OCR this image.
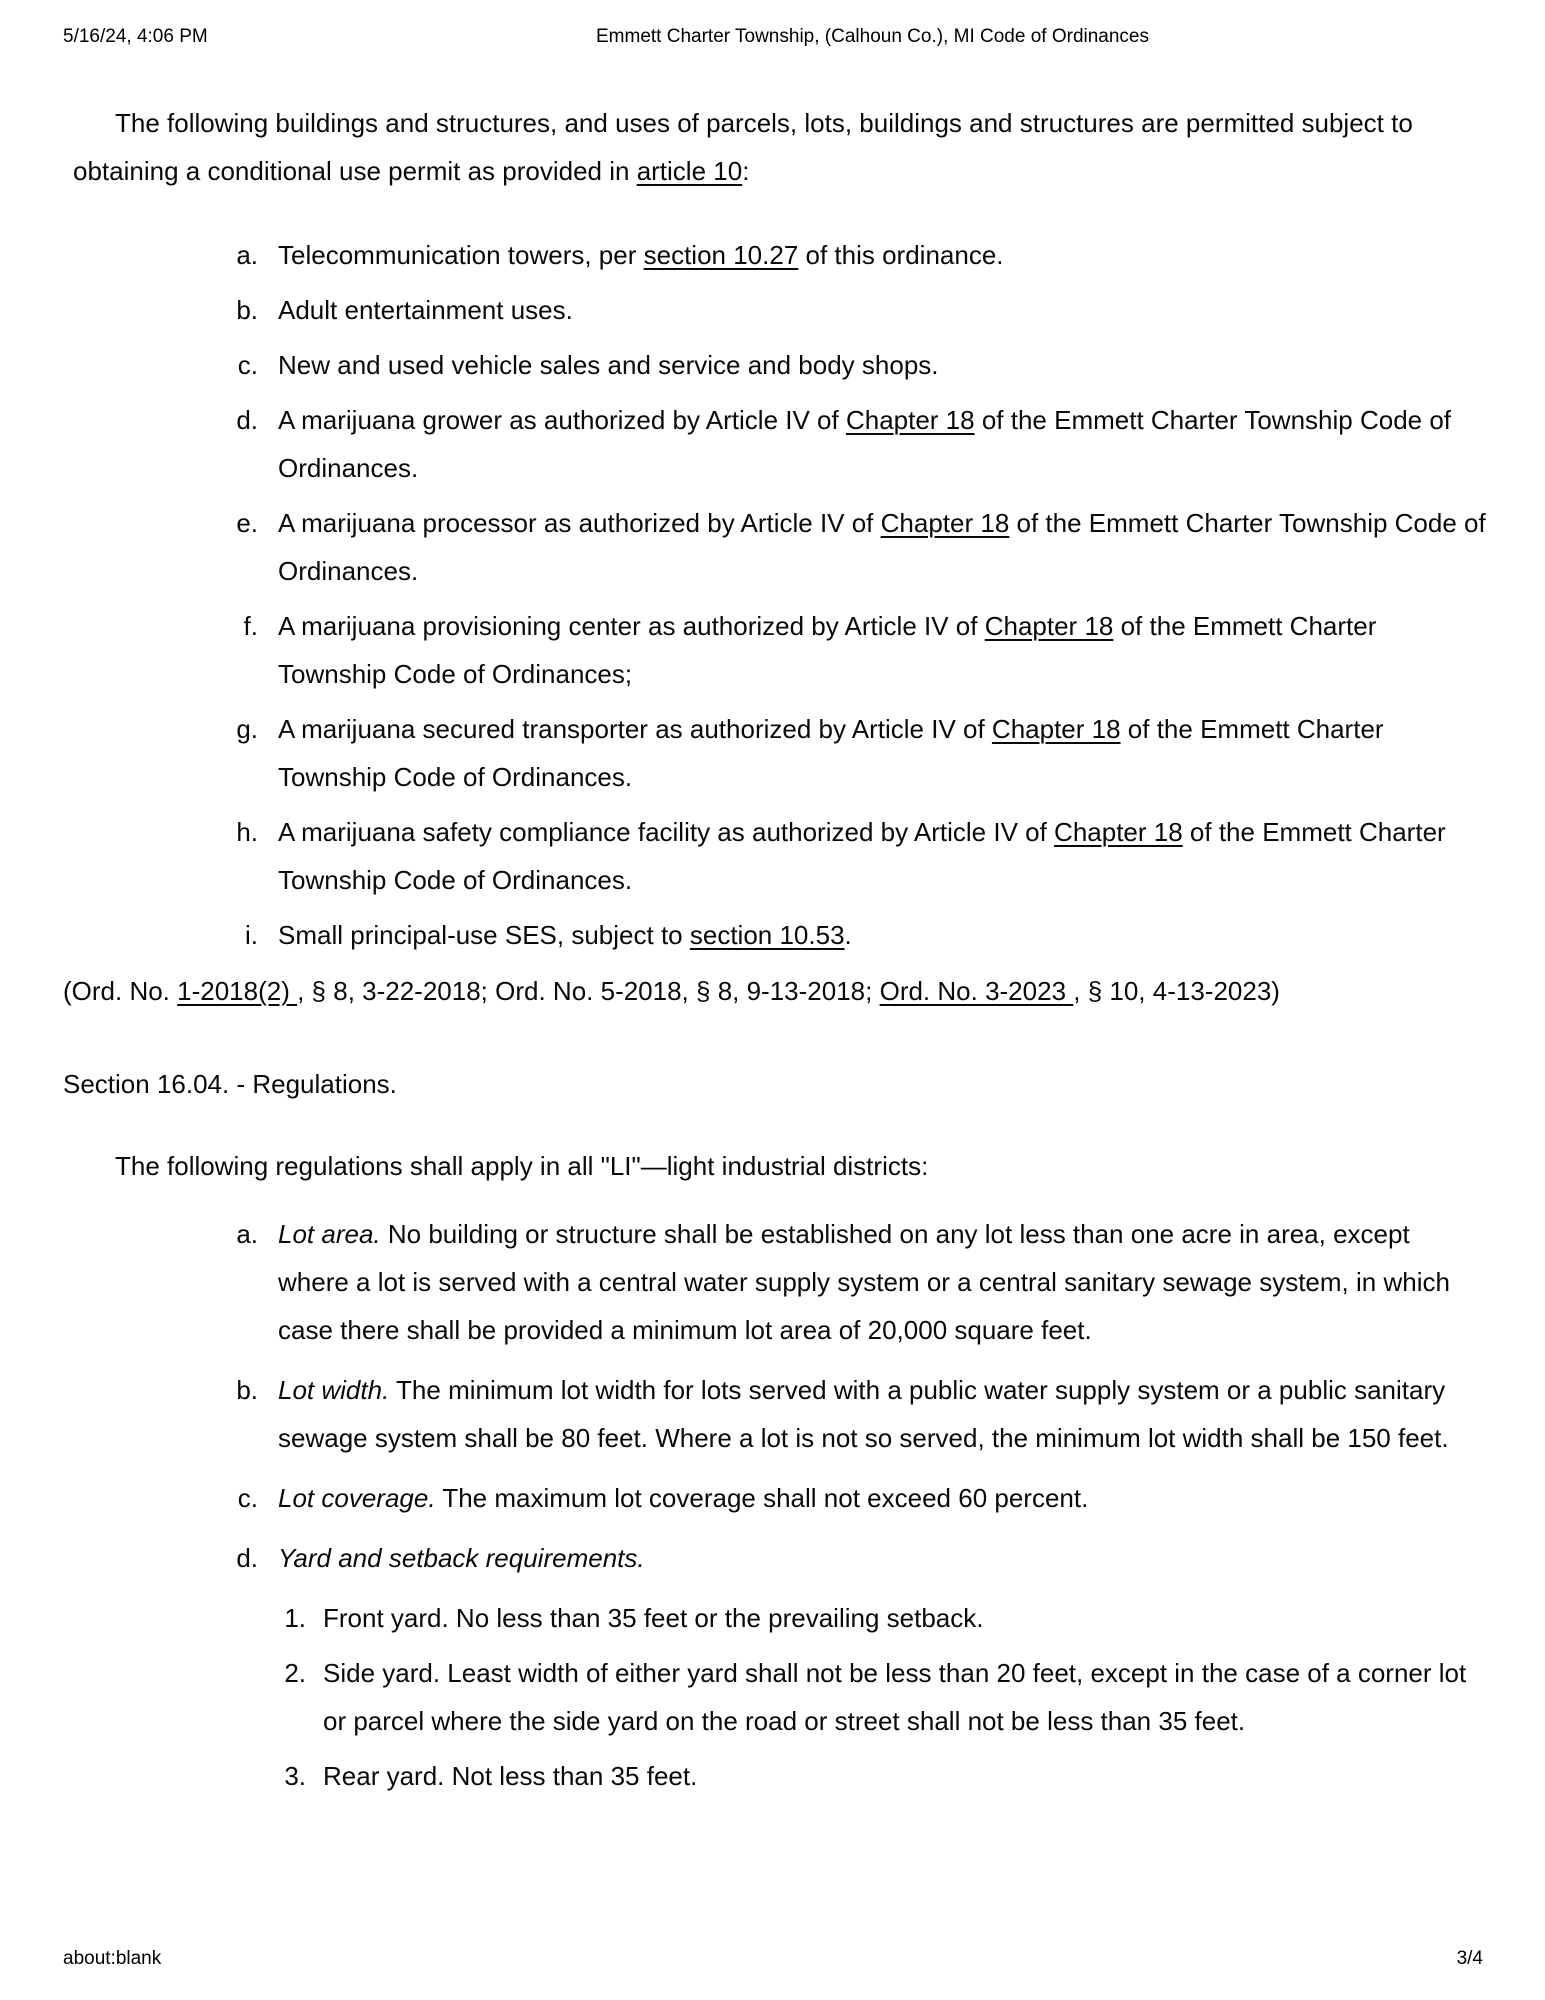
5/16/24, 4:06 PM	Emmett Charter Township, (Calhoun Co.), MI Code of Ordinances

The following buildings and structures, and uses of parcels, lots, buildings and structures are permitted subject to obtaining a conditional use permit as provided in article 10:

a. Telecommunication towers, per section 10.27 of this ordinance.
b. Adult entertainment uses.
c. New and used vehicle sales and service and body shops.
d. A marijuana grower as authorized by Article IV of Chapter 18 of the Emmett Charter Township Code of Ordinances.
e. A marijuana processor as authorized by Article IV of Chapter 18 of the Emmett Charter Township Code of Ordinances.
f. A marijuana provisioning center as authorized by Article IV of Chapter 18 of the Emmett Charter Township Code of Ordinances;
g. A marijuana secured transporter as authorized by Article IV of Chapter 18 of the Emmett Charter Township Code of Ordinances.
h. A marijuana safety compliance facility as authorized by Article IV of Chapter 18 of the Emmett Charter Township Code of Ordinances.
i. Small principal-use SES, subject to section 10.53.

(Ord. No. 1-2018(2) , § 8, 3-22-2018; Ord. No. 5-2018, § 8, 9-13-2018; Ord. No. 3-2023 , § 10, 4-13-2023)

Section 16.04. - Regulations.

The following regulations shall apply in all "LI"—light industrial districts:

a. Lot area. No building or structure shall be established on any lot less than one acre in area, except where a lot is served with a central water supply system or a central sanitary sewage system, in which case there shall be provided a minimum lot area of 20,000 square feet.
b. Lot width. The minimum lot width for lots served with a public water supply system or a public sanitary sewage system shall be 80 feet. Where a lot is not so served, the minimum lot width shall be 150 feet.
c. Lot coverage. The maximum lot coverage shall not exceed 60 percent.
d. Yard and setback requirements.
1. Front yard. No less than 35 feet or the prevailing setback.
2. Side yard. Least width of either yard shall not be less than 20 feet, except in the case of a corner lot or parcel where the side yard on the road or street shall not be less than 35 feet.
3. Rear yard. Not less than 35 feet.
about:blank	3/4
